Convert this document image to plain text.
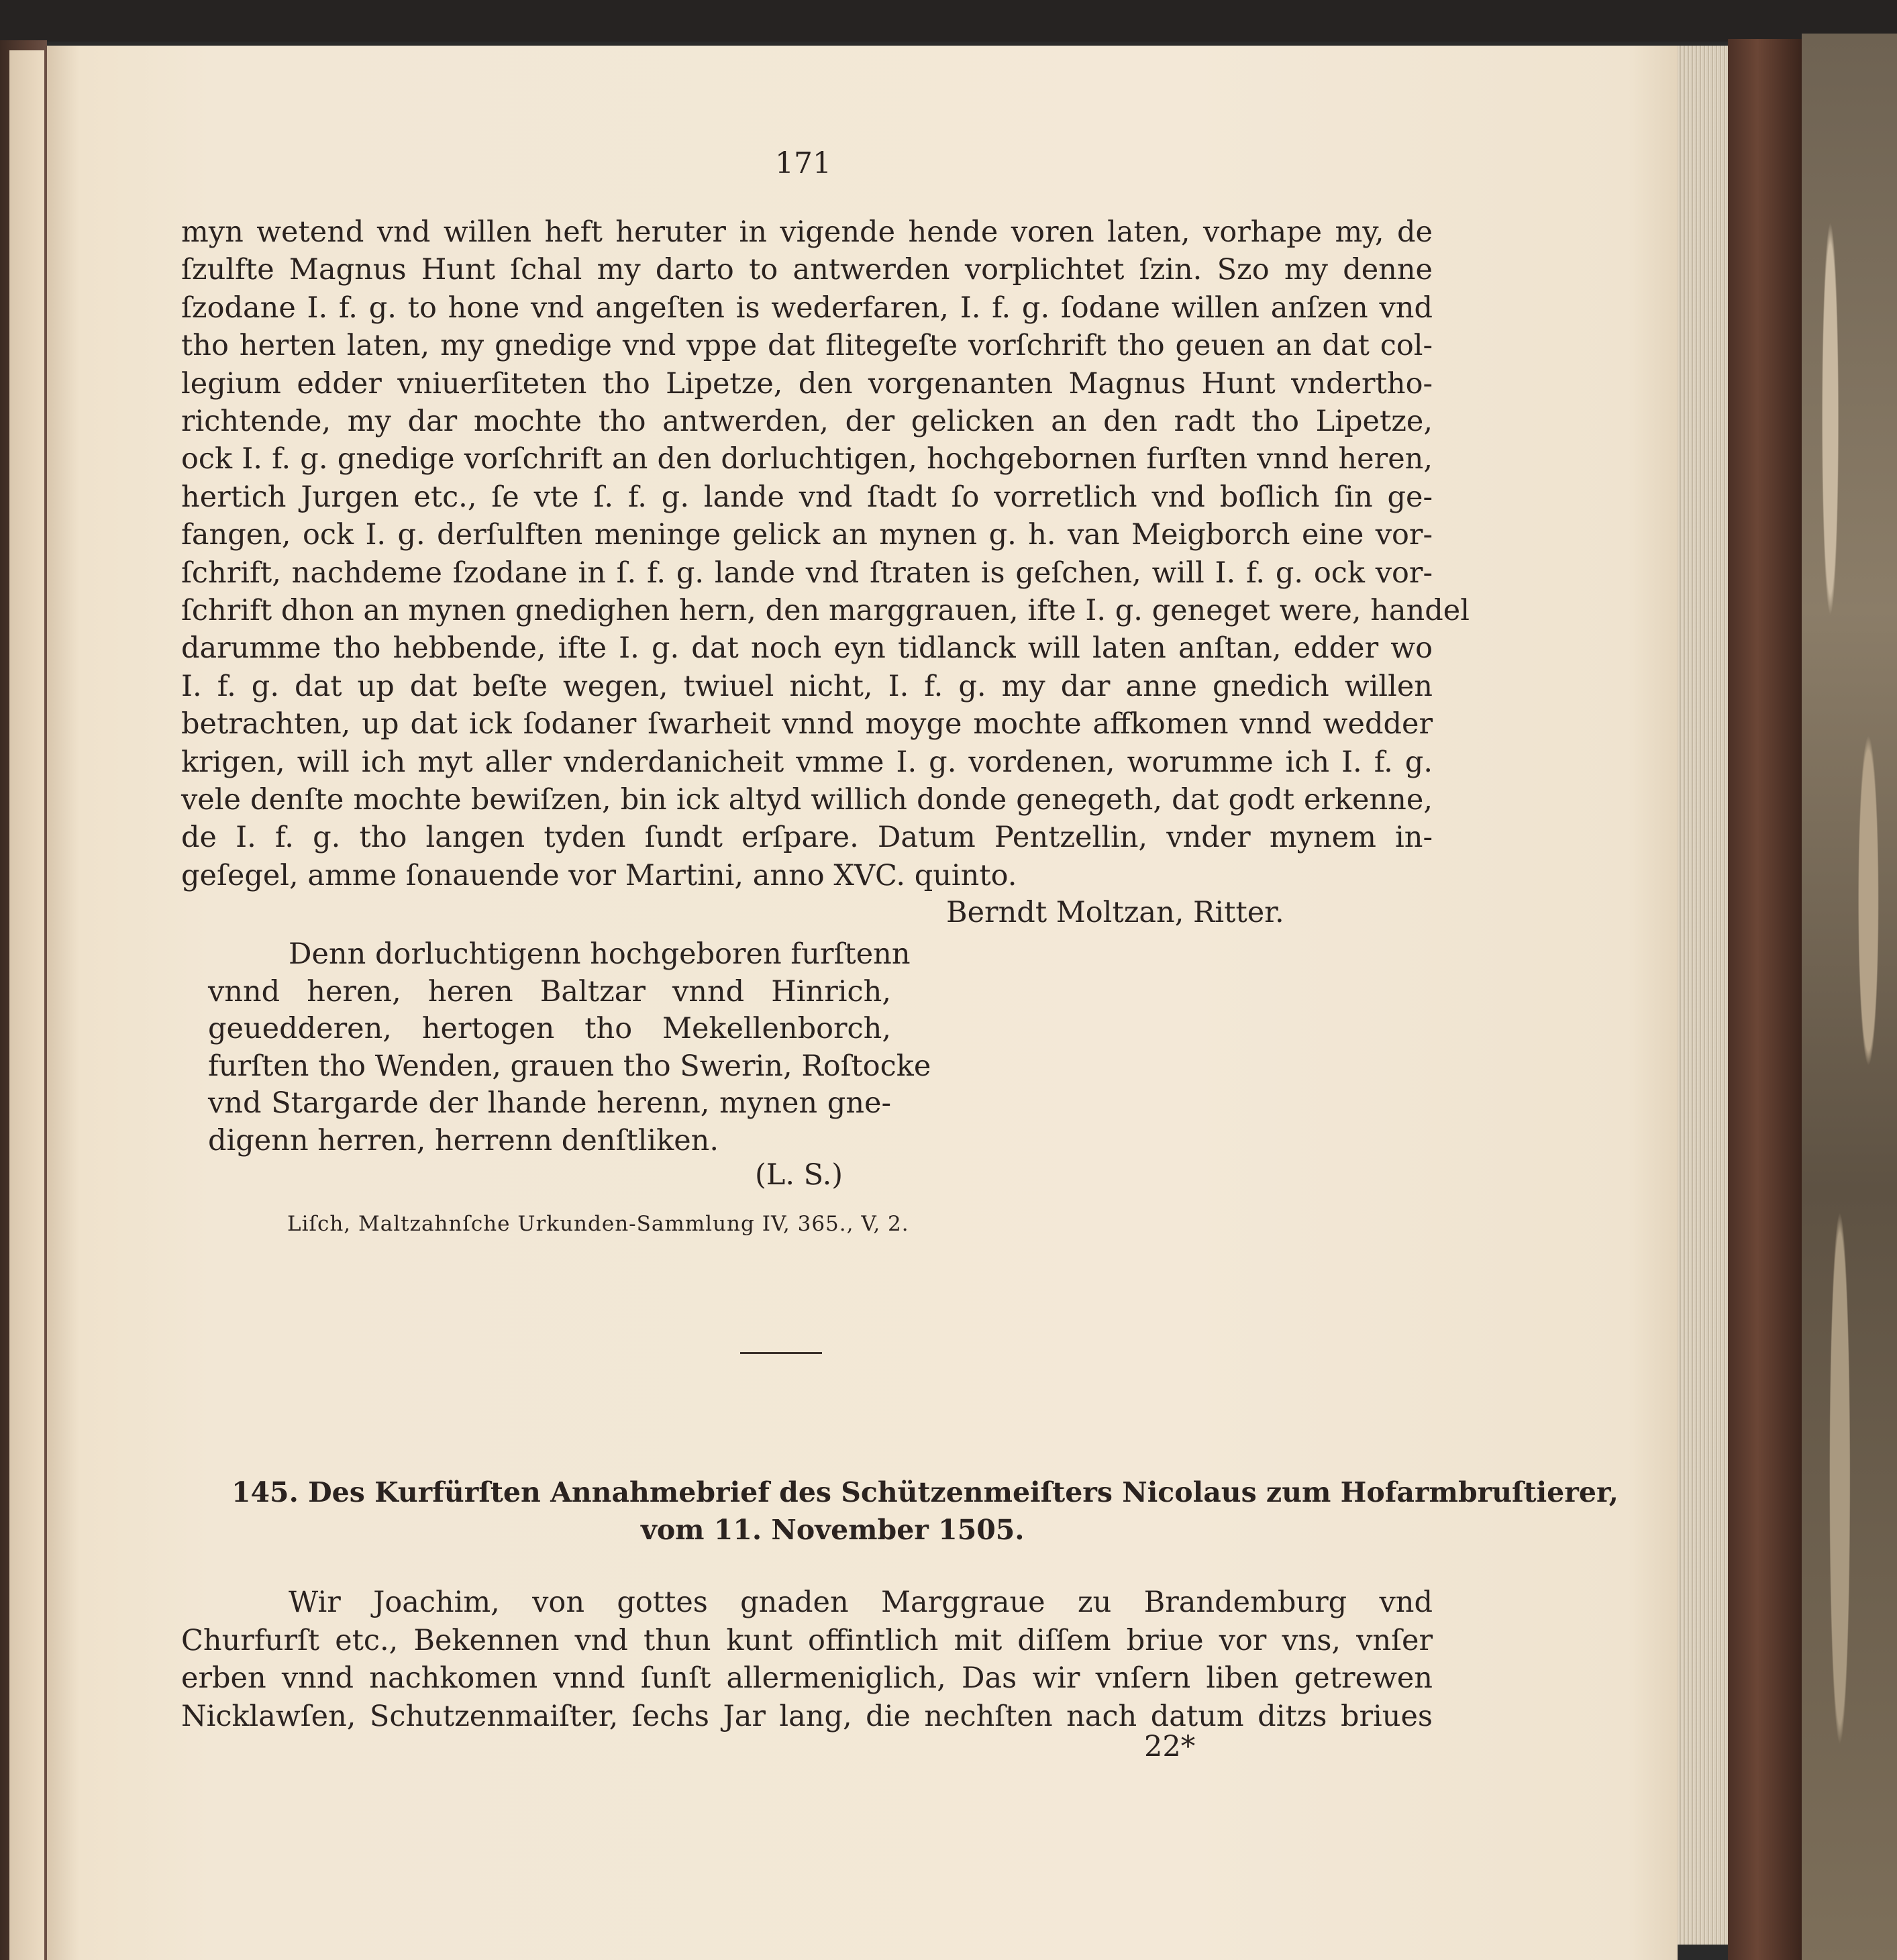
171
myn wetend vnd willen heft heruter in vigende hende voren laten, vorhape my, de
ſzulfte Magnus Hunt ſchal my darto to antwerden vorplichtet ſzin. Szo my denne
ſzodane I. f. g. to hone vnd angeſten is wederfaren, I. f. g. ſodane willen anſzen vnd
tho herten laten, my gnedige vnd vppe dat flitegeſte vorſchrift tho geuen an dat col-
legium edder vniuerſiteten tho Lipetze, den vorgenanten Magnus Hunt vndertho-
richtende, my dar mochte tho antwerden, der gelicken an den radt tho Lipetze,
ock I. f. g. gnedige vorſchrift an den dorluchtigen, hochgebornen furſten vnnd heren,
hertich Jurgen etc., ſe vte ſ. f. g. lande vnd ſtadt ſo vorretlich vnd boſlich ſin ge-
fangen, ock I. g. derſulften meninge gelick an mynen g. h. van Meigborch eine vor-
ſchrift, nachdeme ſzodane in ſ. f. g. lande vnd ſtraten is geſchen, will I. f. g. ock vor-
ſchrift dhon an mynen gnedighen hern, den marggrauen, ifte I. g. geneget were, handel
darumme tho hebbende, ifte I. g. dat noch eyn tidlanck will laten anſtan, edder wo
I. f. g. dat up dat beſte wegen, twiuel nicht, I. f. g. my dar anne gnedich willen
betrachten, up dat ick ſodaner ſwarheit vnnd moyge mochte affkomen vnnd wedder
krigen, will ich myt aller vnderdanicheit vmme I. g. vordenen, worumme ich I. f. g.
vele denſte mochte bewiſzen, bin ick altyd willich donde genegeth, dat godt erkenne,
de I. f. g. tho langen tyden ſundt erſpare. Datum Pentzellin, vnder mynem in-
geſegel, amme ſonauende vor Martini, anno XVC. quinto.
Berndt Moltzan, Ritter.
Denn dorluchtigenn hochgeboren furſtenn
vnnd heren, heren Baltzar vnnd Hinrich,
geuedderen, hertogen tho Mekellenborch,
furſten tho Wenden, grauen tho Swerin, Roſtocke
vnd Stargarde der lhande herenn, mynen gne-
digenn herren, herrenn denſtliken.
(L. S.)
Liſch, Maltzahnſche Urkunden-Sammlung IV, 365., V, 2.
145. Des Kurfürſten Annahmebrief des Schützenmeiſters Nicolaus zum Hofarmbruſtierer,
vom 11. November 1505.
Wir Joachim, von gottes gnaden Marggraue zu Brandemburg vnd
Churfurſt etc., Bekennen vnd thun kunt offintlich mit diſſem briue vor vns, vnſer
erben vnnd nachkomen vnnd ſunſt allermeniglich, Das wir vnſern liben getrewen
Nicklawſen, Schutzenmaiſter, ſechs Jar lang, die nechſten nach datum ditzs briues
22*
